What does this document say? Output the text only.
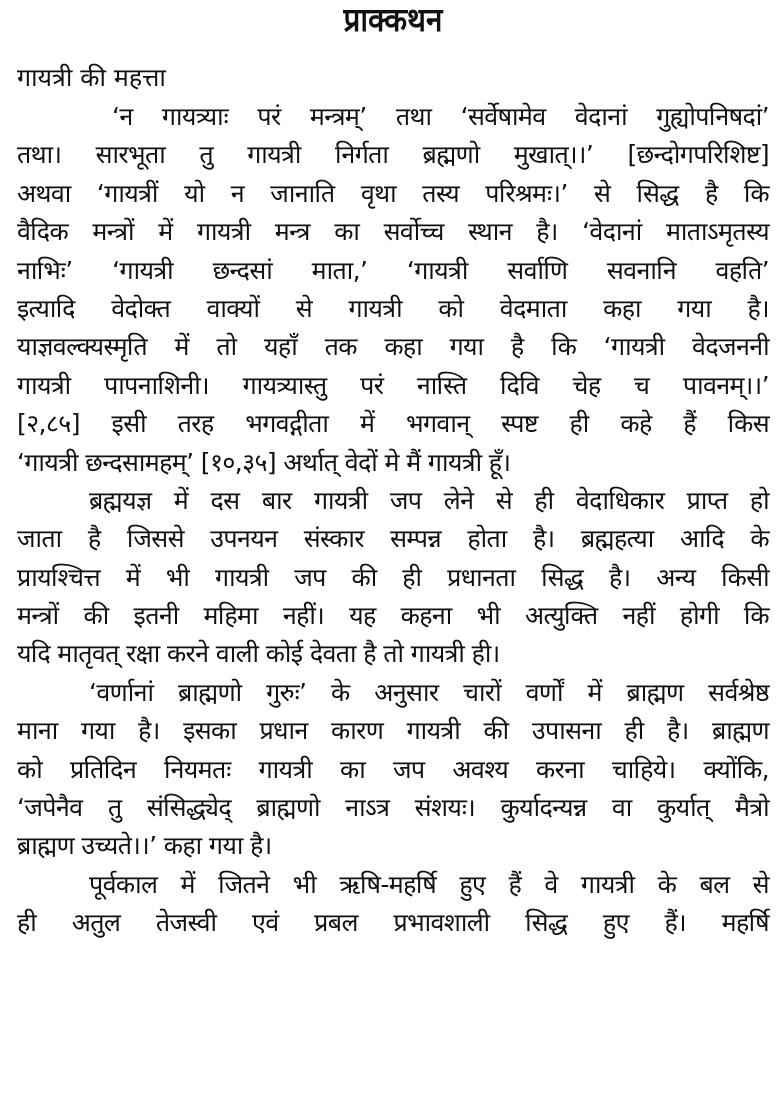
प्राक्कथन
गायत्री की महत्ता
‘न गायत्र्याः परं मन्त्रम्’ तथा ‘सर्वेषामेव वेदानां गुह्योपनिषदां’
तथा। सारभूता तु गायत्री निर्गता ब्रह्मणो मुखात्।।’ [छन्दोगपरिशिष्ट]
अथवा ‘गायत्रीं यो न जानाति वृथा तस्य परिश्रमः।’ से सिद्ध है कि
वैदिक मन्त्रों में गायत्री मन्त्र का सर्वोच्च स्थान है। ‘वेदानां माताऽमृतस्य
नाभिः’ ‘गायत्री छन्दसां माता,’ ‘गायत्री सर्वाणि सवनानि वहति’
इत्यादि वेदोक्त वाक्यों से गायत्री को वेदमाता कहा गया है।
याज्ञवल्क्यस्मृति में तो यहाँ तक कहा गया है कि ‘गायत्री वेदजननी
गायत्री पापनाशिनी। गायत्र्यास्तु परं नास्ति दिवि चेह च पावनम्।।’
[२,८५] इसी तरह भगवद्गीता में भगवान् स्पष्ट ही कहे हैं किस
‘गायत्री छन्दसामहम्’ [१०,३५] अर्थात् वेदों मे मैं गायत्री हूँ।
ब्रह्मयज्ञ में दस बार गायत्री जप लेने से ही वेदाधिकार प्राप्त हो
जाता है जिससे उपनयन संस्कार सम्पन्न होता है। ब्रह्महत्या आदि के
प्रायश्चित्त में भी गायत्री जप की ही प्रधानता सिद्ध है। अन्य किसी
मन्त्रों की इतनी महिमा नहीं। यह कहना भी अत्युक्ति नहीं होगी कि
यदि मातृवत् रक्षा करने वाली कोई देवता है तो गायत्री ही।
‘वर्णानां ब्राह्मणो गुरुः’ के अनुसार चारों वर्णों में ब्राह्मण सर्वश्रेष्ठ
माना गया है। इसका प्रधान कारण गायत्री की उपासना ही है। ब्राह्मण
को प्रतिदिन नियमतः गायत्री का जप अवश्य करना चाहिये। क्योंकि,
‘जपेनैव तु संसिद्ध्येद् ब्राह्मणो नाऽत्र संशयः। कुर्यादन्यन्न वा कुर्यात् मैत्रो
ब्राह्मण उच्यते।।’ कहा गया है।
पूर्वकाल में जितने भी ऋषि-महर्षि हुए हैं वे गायत्री के बल से
ही अतुल तेजस्वी एवं प्रबल प्रभावशाली सिद्ध हुए हैं। महर्षि
